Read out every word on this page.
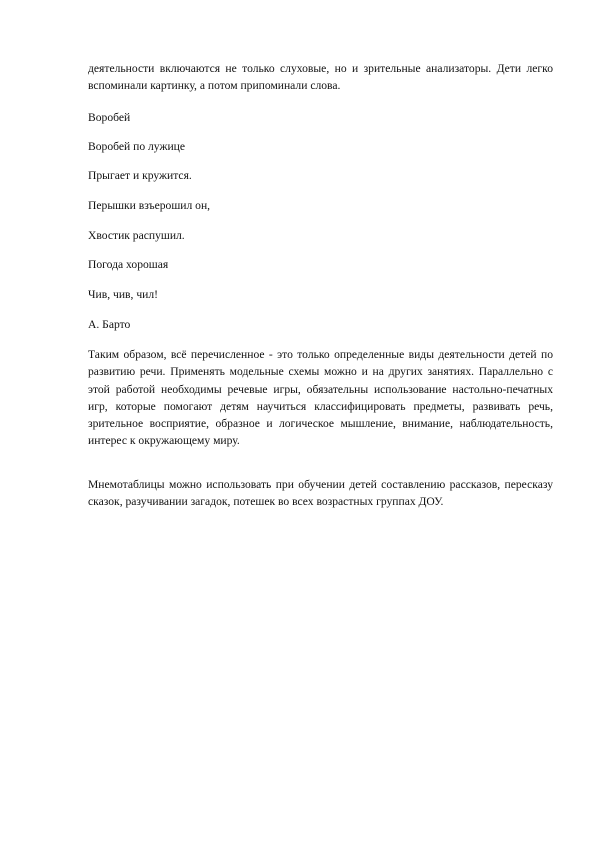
деятельности включаются не только слуховые, но и зрительные анализаторы. Дети легко вспоминали картинку, а потом припоминали слова.

Воробей

Воробей по лужице

Прыгает и кружится.

Перышки взъерошил он,

Хвостик распушил.

Погода хорошая

Чив, чив, чил!

А. Барто

Таким образом, всё перечисленное - это только определенные виды деятельности детей по развитию речи. Применять модельные схемы можно и на других занятиях. Параллельно с этой работой необходимы речевые игры, обязательны использование настольно-печатных игр, которые помогают детям научиться классифицировать предметы, развивать речь, зрительное восприятие, образное и логическое мышление, внимание, наблюдательность, интерес к окружающему миру.

Мнемотаблицы можно использовать при обучении детей составлению рассказов, пересказу сказок, разучивании загадок, потешек во всех возрастных группах ДОУ.
